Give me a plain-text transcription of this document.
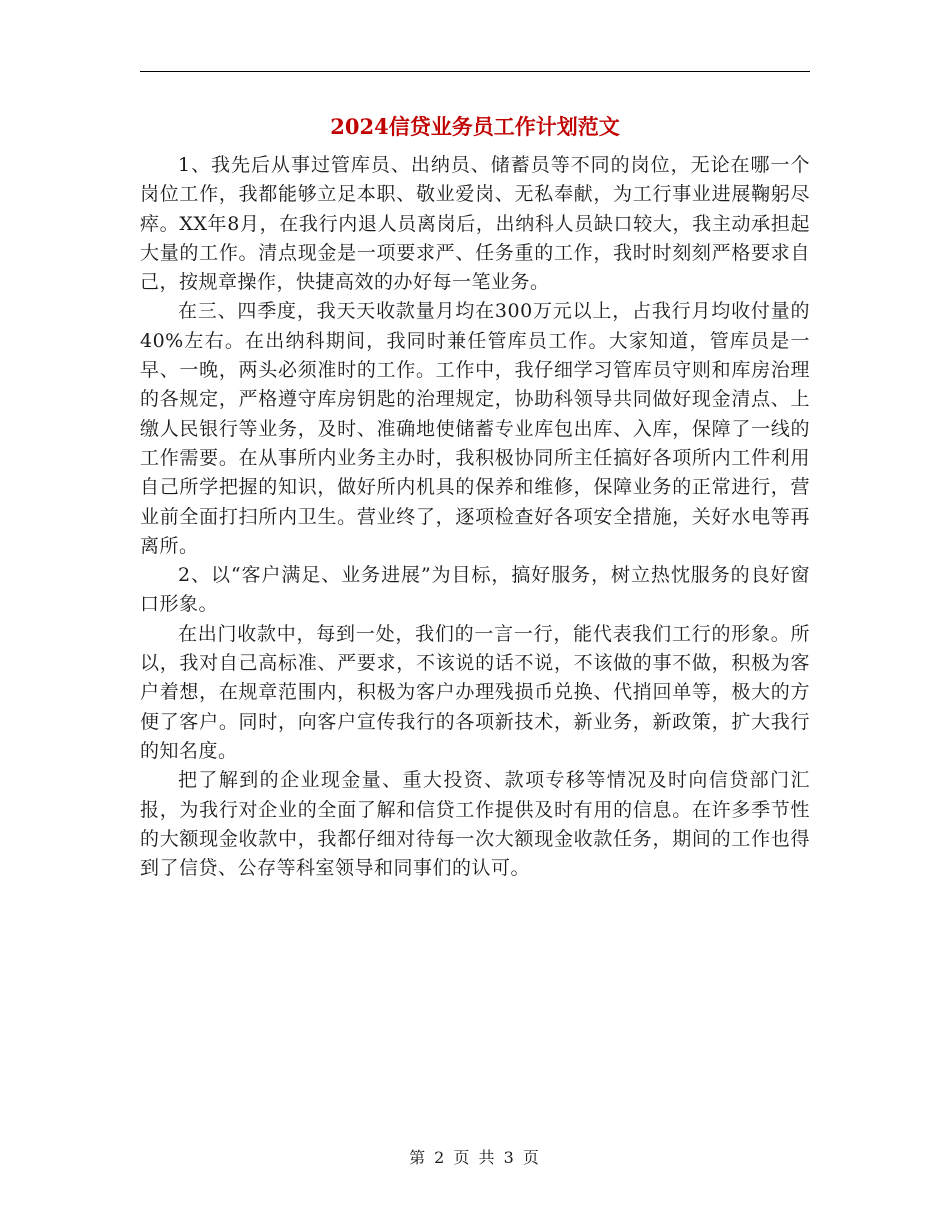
2024信贷业务员工作计划范文

1、我先后从事过管库员、出纳员、储蓄员等不同的岗位，无论在哪一个岗位工作，我都能够立足本职、敬业爱岗、无私奉献，为工行事业进展鞠躬尽瘁。XX年8月，在我行内退人员离岗后，出纳科人员缺口较大，我主动承担起大量的工作。清点现金是一项要求严、任务重的工作，我时时刻刻严格要求自己，按规章操作，快捷高效的办好每一笔业务。

在三、四季度，我天天收款量月均在300万元以上，占我行月均收付量的40%左右。在出纳科期间，我同时兼任管库员工作。大家知道，管库员是一早、一晚，两头必须准时的工作。工作中，我仔细学习管库员守则和库房治理的各规定，严格遵守库房钥匙的治理规定，协助科领导共同做好现金清点、上缴人民银行等业务，及时、准确地使储蓄专业库包出库、入库，保障了一线的工作需要。在从事所内业务主办时，我积极协同所主任搞好各项所内工件利用自己所学把握的知识，做好所内机具的保养和维修，保障业务的正常进行，营业前全面打扫所内卫生。营业终了，逐项检查好各项安全措施，关好水电等再离所。

2、以“客户满足、业务进展”为目标，搞好服务，树立热忱服务的良好窗口形象。

在出门收款中，每到一处，我们的一言一行，能代表我们工行的形象。所以，我对自己高标准、严要求，不该说的话不说，不该做的事不做，积极为客户着想，在规章范围内，积极为客户办理残损币兑换、代捎回单等，极大的方便了客户。同时，向客户宣传我行的各项新技术，新业务，新政策，扩大我行的知名度。

把了解到的企业现金量、重大投资、款项专移等情况及时向信贷部门汇报，为我行对企业的全面了解和信贷工作提供及时有用的信息。在许多季节性的大额现金收款中，我都仔细对待每一次大额现金收款任务，期间的工作也得到了信贷、公存等科室领导和同事们的认可。

第 2 页 共 3 页
